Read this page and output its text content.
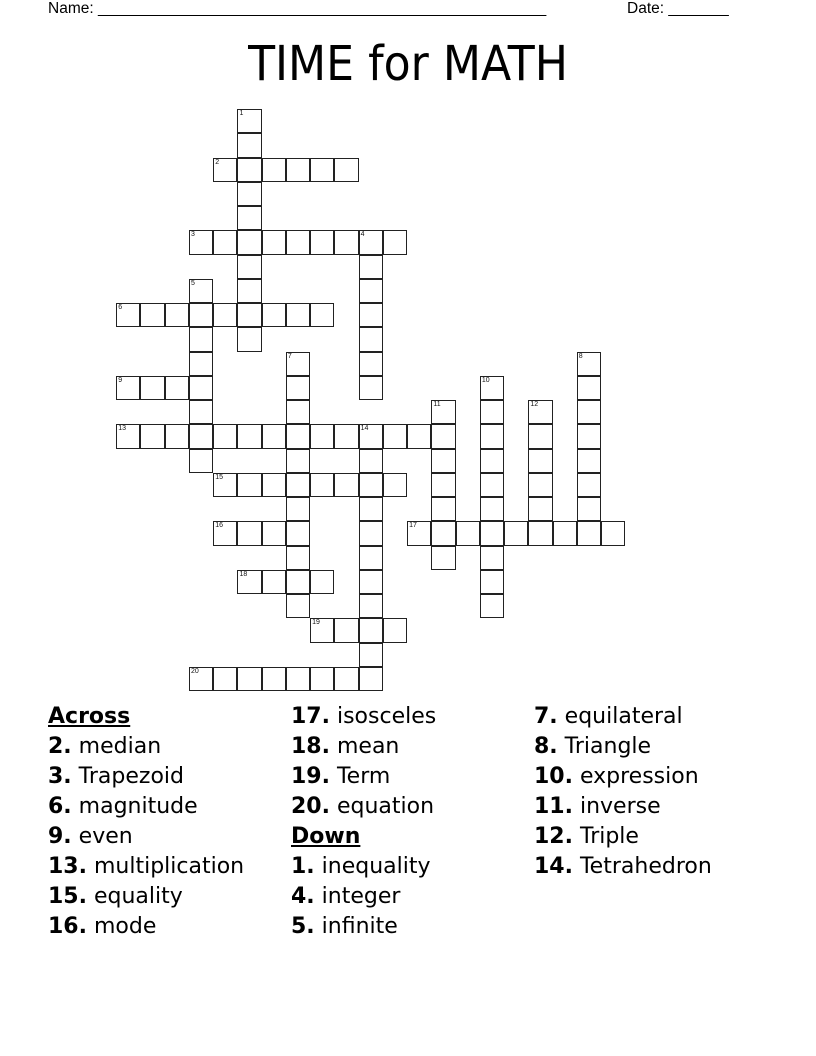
Name: ____________________________________________________	Date: _______
TIME for MATH
1
2
3	4
5
6
7	8
9	10
11	12
13	14
15
16	17
18
19
20
Across
2. median
3. Trapezoid
6. magnitude
9. even
13. multiplication
15. equality
16. mode
17. isosceles
18. mean
19. Term
20. equation
Down
1. inequality
4. integer
5. infinite
7. equilateral
8. Triangle
10. expression
11. inverse
12. Triple
14. Tetrahedron
